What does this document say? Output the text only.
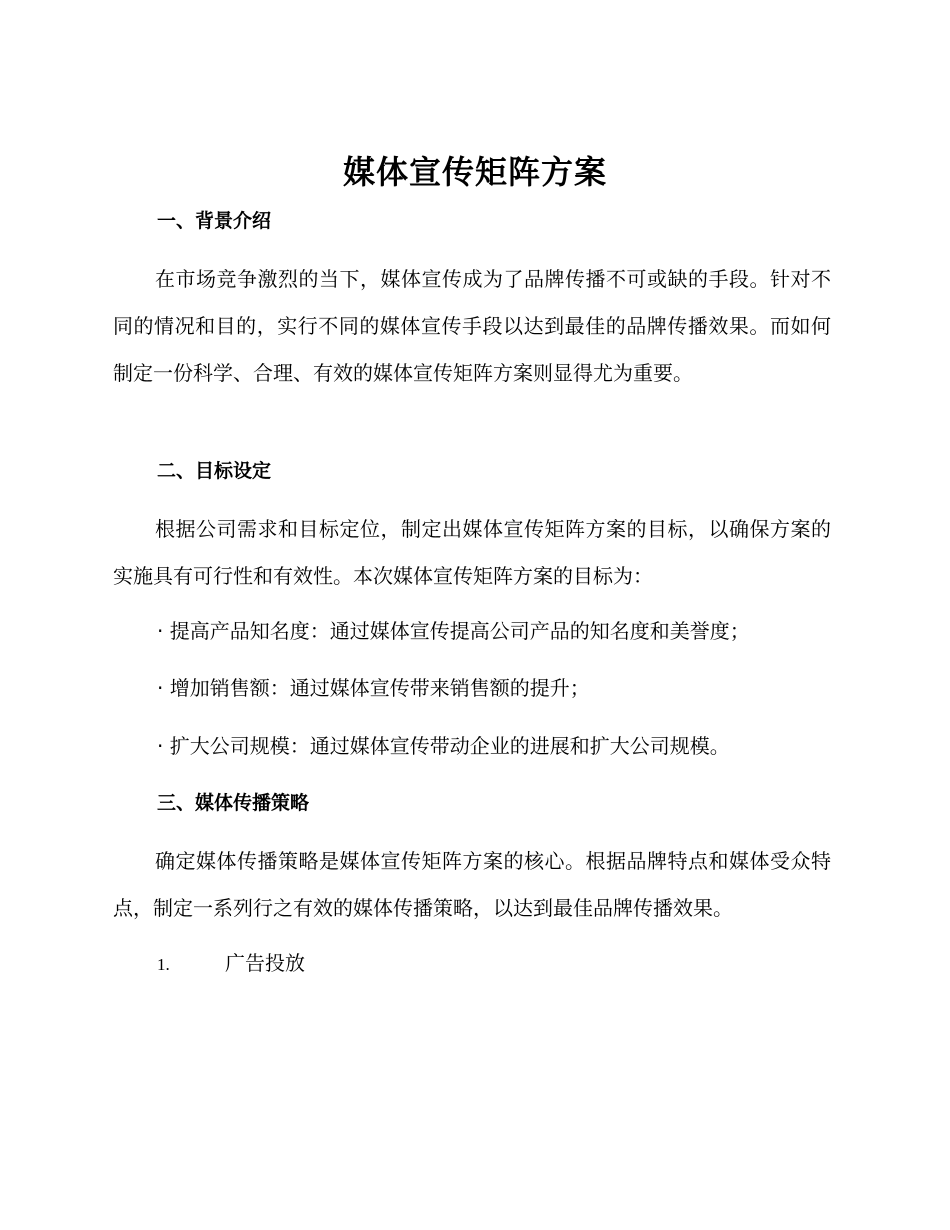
媒体宣传矩阵方案
一、背景介绍
在市场竞争激烈的当下，媒体宣传成为了品牌传播不可或缺的手段。针对不同的情况和目的，实行不同的媒体宣传手段以达到最佳的品牌传播效果。而如何制定一份科学、合理、有效的媒体宣传矩阵方案则显得尤为重要。
二、目标设定
根据公司需求和目标定位，制定出媒体宣传矩阵方案的目标，以确保方案的实施具有可行性和有效性。本次媒体宣传矩阵方案的目标为：
· 提高产品知名度：通过媒体宣传提高公司产品的知名度和美誉度；
· 增加销售额：通过媒体宣传带来销售额的提升；
· 扩大公司规模：通过媒体宣传带动企业的进展和扩大公司规模。
三、媒体传播策略
确定媒体传播策略是媒体宣传矩阵方案的核心。根据品牌特点和媒体受众特点，制定一系列行之有效的媒体传播策略，以达到最佳品牌传播效果。
1.	广告投放
